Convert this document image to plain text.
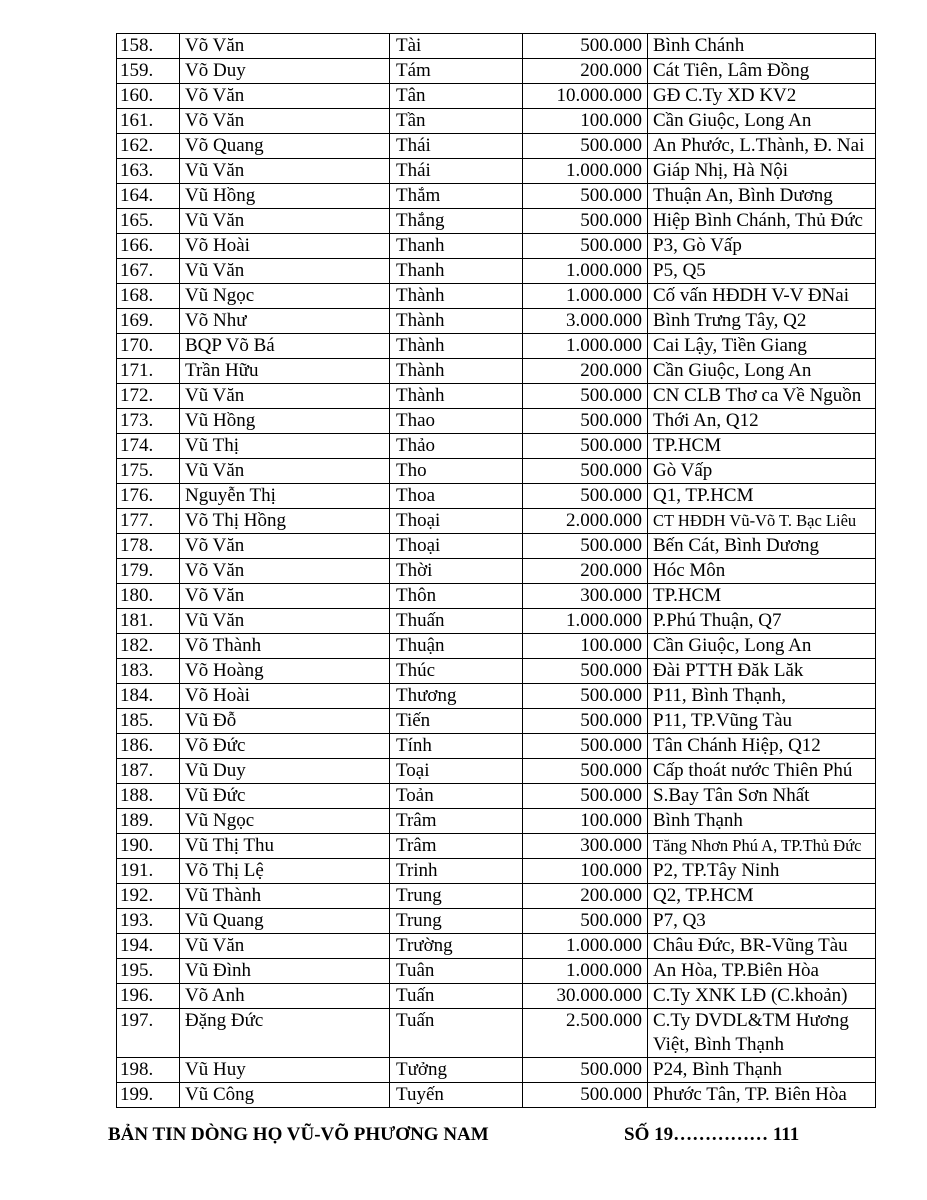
158.	Võ Văn	Tài	500.000	Bình Chánh
159.	Võ Duy	Tám	200.000	Cát Tiên, Lâm Đồng
160.	Võ Văn	Tân	10.000.000	GĐ C.Ty XD KV2
161.	Võ Văn	Tần	100.000	Cần Giuộc, Long An
162.	Võ Quang	Thái	500.000	An Phước, L.Thành, Đ. Nai
163.	Vũ Văn	Thái	1.000.000	Giáp Nhị, Hà Nội
164.	Vũ Hồng	Thắm	500.000	Thuận An, Bình Dương
165.	Vũ Văn	Thắng	500.000	Hiệp Bình Chánh, Thủ Đức
166.	Võ Hoài	Thanh	500.000	P3, Gò Vấp
167.	Vũ Văn	Thanh	1.000.000	P5, Q5
168.	Vũ Ngọc	Thành	1.000.000	Cố vấn HĐDH V-V ĐNai
169.	Võ Như	Thành	3.000.000	Bình Trưng Tây, Q2
170.	BQP Võ Bá	Thành	1.000.000	Cai Lậy, Tiền Giang
171.	Trần Hữu	Thành	200.000	Cần Giuộc, Long An
172.	Vũ Văn	Thành	500.000	CN CLB Thơ ca Về Nguồn
173.	Vũ Hồng	Thao	500.000	Thới An, Q12
174.	Vũ Thị	Thảo	500.000	TP.HCM
175.	Vũ Văn	Tho	500.000	Gò Vấp
176.	Nguyễn Thị	Thoa	500.000	Q1, TP.HCM
177.	Võ Thị Hồng	Thoại	2.000.000	CT HĐDH Vũ-Võ T. Bạc Liêu
178.	Võ Văn	Thoại	500.000	Bến Cát, Bình Dương
179.	Võ Văn	Thời	200.000	Hóc Môn
180.	Võ Văn	Thôn	300.000	TP.HCM
181.	Vũ Văn	Thuấn	1.000.000	P.Phú Thuận, Q7
182.	Võ Thành	Thuận	100.000	Cần Giuộc, Long An
183.	Võ Hoàng	Thúc	500.000	Đài PTTH Đăk Lăk
184.	Võ Hoài	Thương	500.000	P11, Bình Thạnh,
185.	Vũ Đỗ	Tiến	500.000	P11, TP.Vũng Tàu
186.	Võ Đức	Tính	500.000	Tân Chánh Hiệp, Q12
187.	Vũ Duy	Toại	500.000	Cấp thoát nước Thiên Phú
188.	Vũ Đức	Toản	500.000	S.Bay Tân Sơn Nhất
189.	Vũ Ngọc	Trâm	100.000	Bình Thạnh
190.	Vũ Thị Thu	Trâm	300.000	Tăng Nhơn Phú A, TP.Thủ Đức
191.	Võ Thị Lệ	Trinh	100.000	P2, TP.Tây Ninh
192.	Vũ Thành	Trung	200.000	Q2, TP.HCM
193.	Vũ Quang	Trung	500.000	P7, Q3
194.	Vũ Văn	Trường	1.000.000	Châu Đức, BR-Vũng Tàu
195.	Vũ Đình	Tuân	1.000.000	An Hòa, TP.Biên Hòa
196.	Võ Anh	Tuấn	30.000.000	C.Ty XNK LĐ (C.khoản)
197.	Đặng Đức	Tuấn	2.500.000	C.Ty DVDL&TM Hương Việt, Bình Thạnh
198.	Vũ Huy	Tưởng	500.000	P24, Bình Thạnh
199.	Vũ Công	Tuyến	500.000	Phước Tân, TP. Biên Hòa
BẢN TIN DÒNG HỌ VŨ-VÕ PHƯƠNG NAM	SỐ 19…………… 111
